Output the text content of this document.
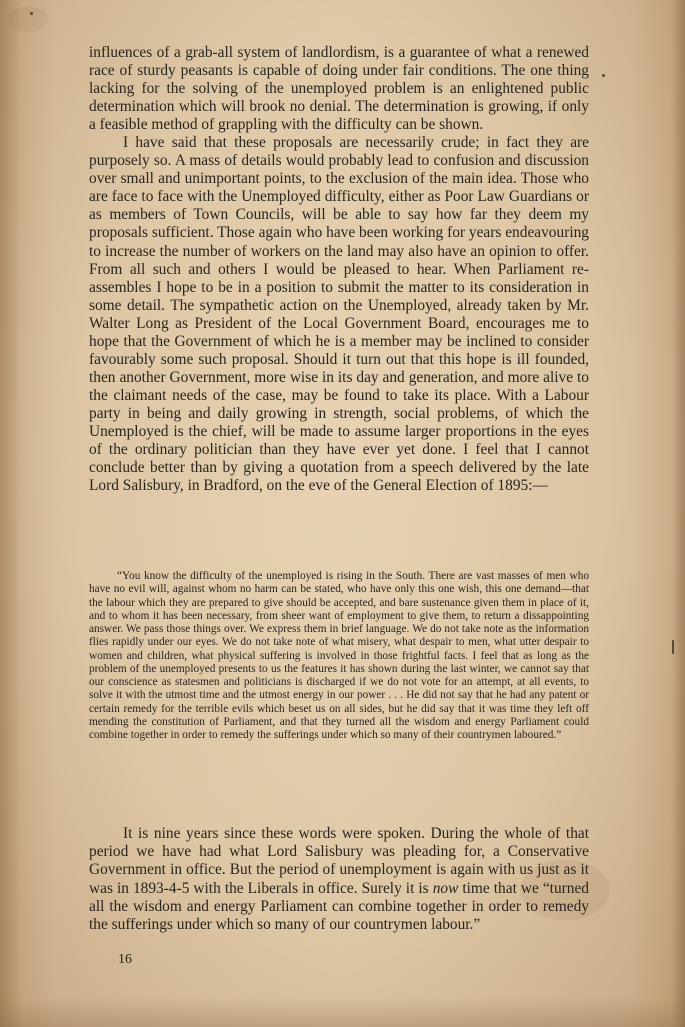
influences of a grab-all system of landlordism, is a guarantee of what a renewed race of sturdy peasants is capable of doing under fair conditions. The one thing lacking for the solving of the unemployed problem is an enlightened public determination which will brook no denial. The determination is growing, if only a feasible method of grappling with the difficulty can be shown.

I have said that these proposals are necessarily crude; in fact they are purposely so. A mass of details would probably lead to confusion and discussion over small and unimportant points, to the exclusion of the main idea. Those who are face to face with the Unemployed difficulty, either as Poor Law Guardians or as members of Town Councils, will be able to say how far they deem my proposals sufficient. Those again who have been working for years endeavouring to increase the number of workers on the land may also have an opinion to offer. From all such and others I would be pleased to hear. When Parliament re-assembles I hope to be in a position to submit the matter to its consideration in some detail. The sympathetic action on the Unemployed, already taken by Mr. Walter Long as President of the Local Government Board, encourages me to hope that the Government of which he is a member may be inclined to consider favourably some such proposal. Should it turn out that this hope is ill founded, then another Government, more wise in its day and generation, and more alive to the claimant needs of the case, may be found to take its place. With a Labour party in being and daily growing in strength, social problems, of which the Unemployed is the chief, will be made to assume larger proportions in the eyes of the ordinary politician than they have ever yet done. I feel that I cannot conclude better than by giving a quotation from a speech delivered by the late Lord Salisbury, in Bradford, on the eve of the General Election of 1895:—

“You know the difficulty of the unemployed is rising in the South. There are vast masses of men who have no evil will, against whom no harm can be stated, who have only this one wish, this one demand—that the labour which they are prepared to give should be accepted, and bare sustenance given them in place of it, and to whom it has been necessary, from sheer want of employment to give them, to return a dissappointing answer. We pass those things over. We express them in brief language. We do not take note as the information flies rapidly under our eyes. We do not take note of what misery, what despair to men, what utter despair to women and children, what physical suffering is involved in those frightful facts. I feel that as long as the problem of the unemployed presents to us the features it has shown during the last winter, we cannot say that our conscience as statesmen and politicians is discharged if we do not vote for an attempt, at all events, to solve it with the utmost time and the utmost energy in our power . . . He did not say that he had any patent or certain remedy for the terrible evils which beset us on all sides, but he did say that it was time they left off mending the constitution of Parliament, and that they turned all the wisdom and energy Parliament could combine together in order to remedy the sufferings under which so many of their countrymen laboured.”

It is nine years since these words were spoken. During the whole of that period we have had what Lord Salisbury was pleading for, a Conservative Government in office. But the period of unemployment is again with us just as it was in 1893-4-5 with the Liberals in office. Surely it is now time that we “turned all the wisdom and energy Parliament can combine together in order to remedy the sufferings under which so many of our countrymen labour.”

16
